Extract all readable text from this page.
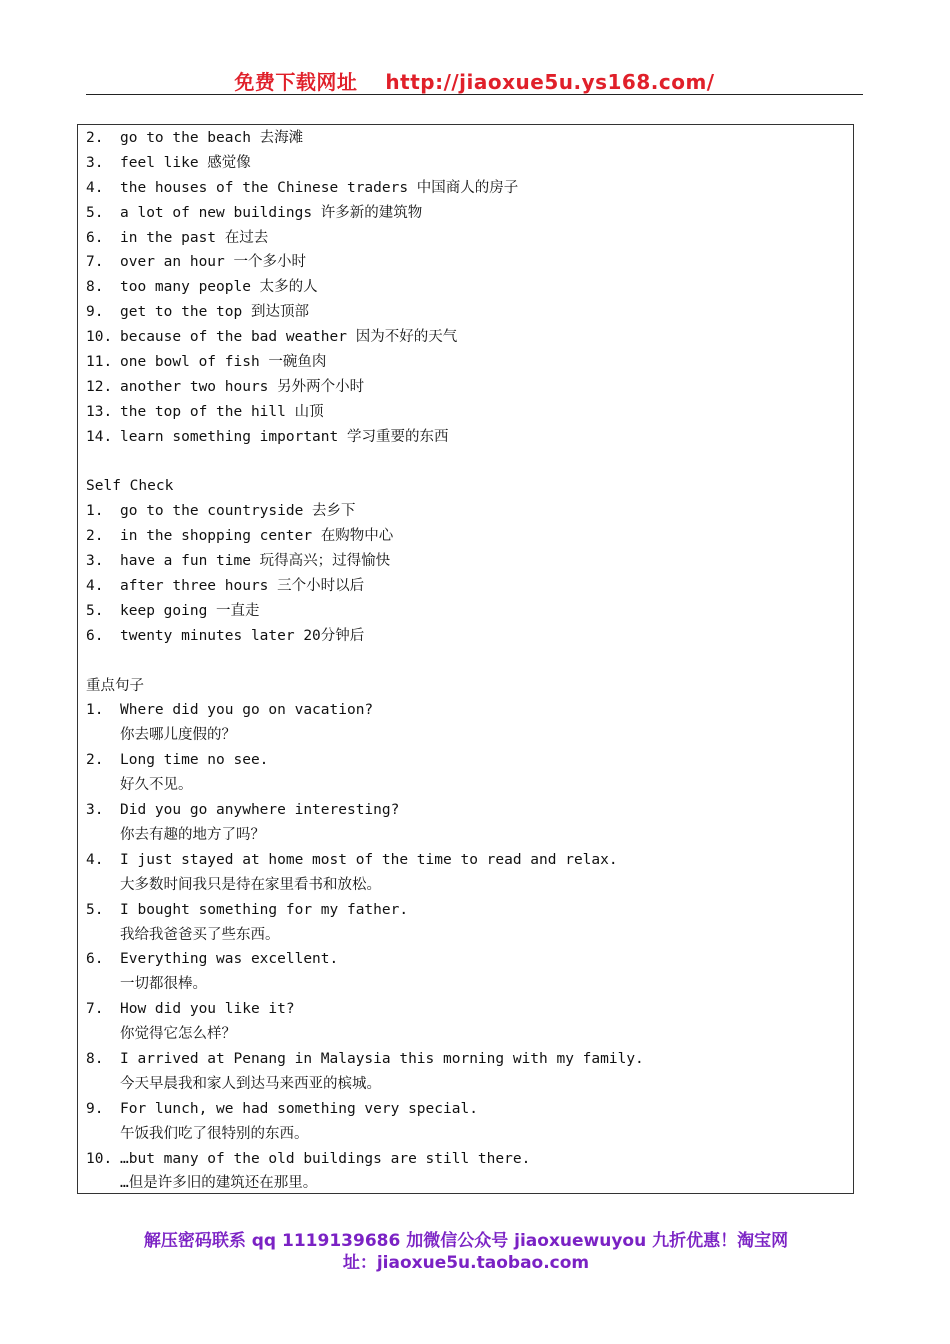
免费下载网址 http://jiaoxue5u.ys168.com/
2. go to the beach 去海滩
3. feel like 感觉像
4. the houses of the Chinese traders 中国商人的房子
5. a lot of new buildings 许多新的建筑物
6. in the past 在过去
7. over an hour 一个多小时
8. too many people 太多的人
9. get to the top 到达顶部
10. because of the bad weather 因为不好的天气
11. one bowl of fish 一碗鱼肉
12. another two hours 另外两个小时
13. the top of the hill 山顶
14. learn something important 学习重要的东西
Self Check
1. go to the countryside 去乡下
2. in the shopping center 在购物中心
3. have a fun time 玩得高兴；过得愉快
4. after three hours 三个小时以后
5. keep going 一直走
6. twenty minutes later 20分钟后
重点句子
1. Where did you go on vacation?
你去哪儿度假的？
2. Long time no see.
好久不见。
3. Did you go anywhere interesting?
你去有趣的地方了吗？
4. I just stayed at home most of the time to read and relax.
大多数时间我只是待在家里看书和放松。
5. I bought something for my father.
我给我爸爸买了些东西。
6. Everything was excellent.
一切都很棒。
7. How did you like it?
你觉得它怎么样？
8. I arrived at Penang in Malaysia this morning with my family.
今天早晨我和家人到达马来西亚的槟城。
9. For lunch, we had something very special.
午饭我们吃了很特别的东西。
10. …but many of the old buildings are still there.
…但是许多旧的建筑还在那里。
解压密码联系 qq 1119139686 加微信公众号 jiaoxuewuyou 九折优惠！淘宝网
址：jiaoxue5u.taobao.com
